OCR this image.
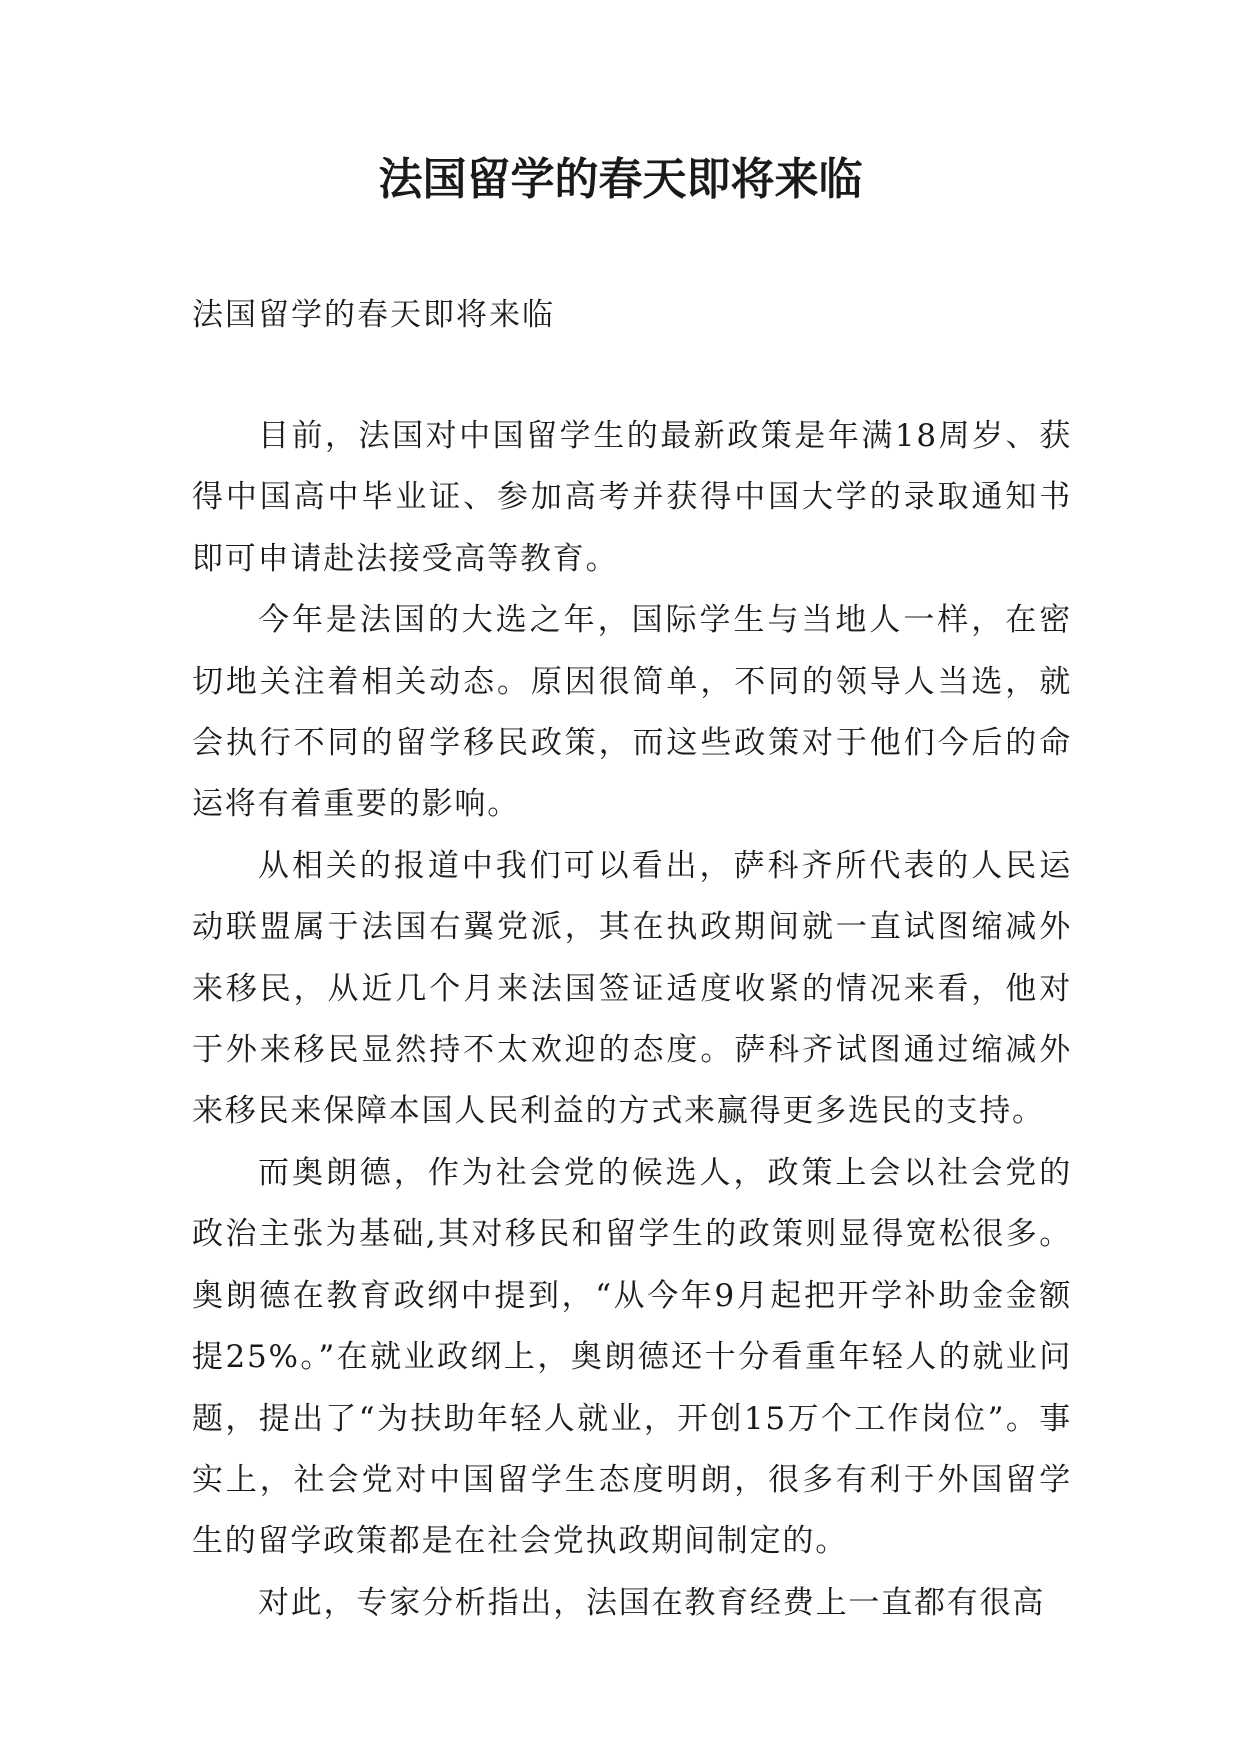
法国留学的春天即将来临
法国留学的春天即将来临

目前，法国对中国留学生的最新政策是年满18周岁、获得中国高中毕业证、参加高考并获得中国大学的录取通知书即可申请赴法接受高等教育。

今年是法国的大选之年，国际学生与当地人一样，在密切地关注着相关动态。原因很简单，不同的领导人当选，就会执行不同的留学移民政策，而这些政策对于他们今后的命运将有着重要的影响。

从相关的报道中我们可以看出，萨科齐所代表的人民运动联盟属于法国右翼党派，其在执政期间就一直试图缩减外来移民，从近几个月来法国签证适度收紧的情况来看，他对于外来移民显然持不太欢迎的态度。萨科齐试图通过缩减外来移民来保障本国人民利益的方式来赢得更多选民的支持。

而奥朗德，作为社会党的候选人，政策上会以社会党的政治主张为基础,其对移民和留学生的政策则显得宽松很多。奥朗德在教育政纲中提到，“从今年9月起把开学补助金金额提25%。”在就业政纲上，奥朗德还十分看重年轻人的就业问题，提出了“为扶助年轻人就业，开创15万个工作岗位”。事实上，社会党对中国留学生态度明朗，很多有利于外国留学生的留学政策都是在社会党执政期间制定的。

对此，专家分析指出，法国在教育经费上一直都有很高
